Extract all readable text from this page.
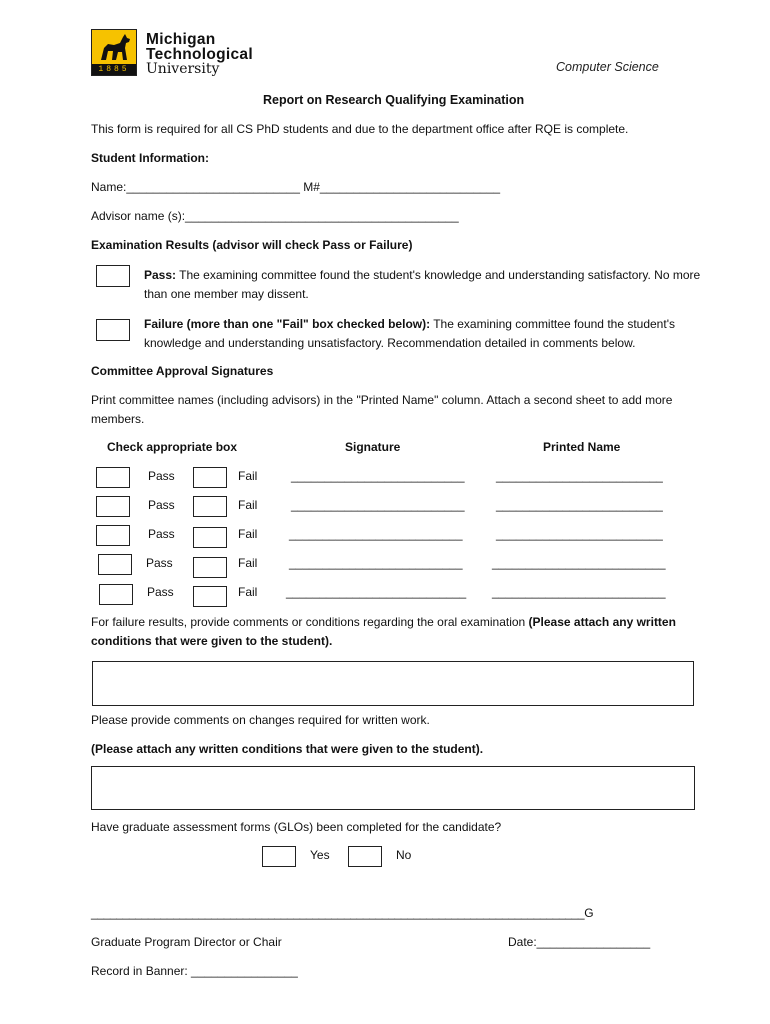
1885
Michigan
Technological
University	Computer Science
Report on Research Qualifying Examination
This form is required for all CS PhD students and due to the department office after RQE is complete.
Student Information:
Name:__________________________ M#___________________________
Advisor name (s):_________________________________________
Examination Results (advisor will check Pass or Failure)
Pass: The examining committee found the student's knowledge and understanding satisfactory. No more than one member may dissent.
Failure (more than one "Fail" box checked below): The examining committee found the student's knowledge and understanding unsatisfactory. Recommendation detailed in comments below.
Committee Approval Signatures
Print committee names (including advisors) in the "Printed Name" column. Attach a second sheet to add more members.
Check appropriate box	Signature	Printed Name
Pass	Fail	__________________________	_________________________
Pass	Fail	__________________________	_________________________
Pass	Fail	__________________________	_________________________
Pass	Fail	__________________________ __________________________
Pass	Fail ___________________________ __________________________
For failure results, provide comments or conditions regarding the oral examination (Please attach any written conditions that were given to the student).
Please provide comments on changes required for written work.
(Please attach any written conditions that were given to the student).
Have graduate assessment forms (GLOs) been completed for the candidate?
Yes	No
______________________________________________________________________________G
Graduate Program Director or Chair	Date:_________________
Record in Banner: ________________
